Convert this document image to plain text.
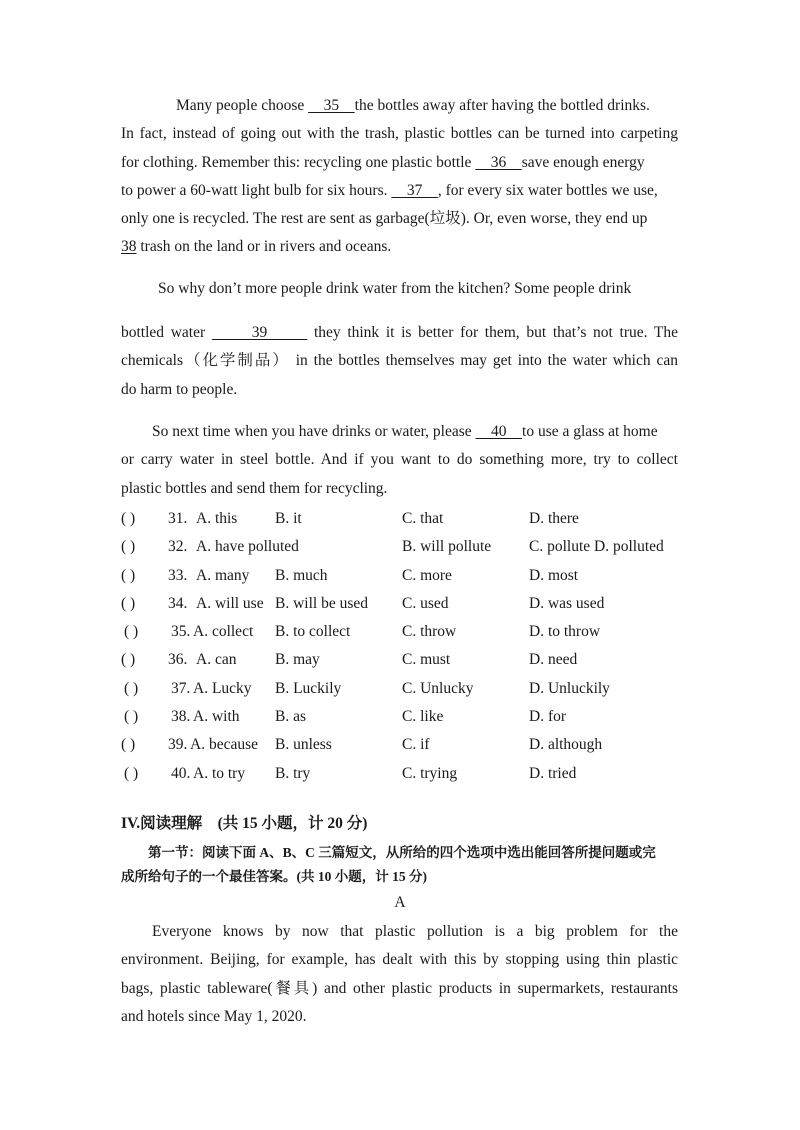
Many people choose     35    the bottles away after having the bottled drinks.
In fact, instead of going out with the trash, plastic bottles can be turned into carpeting
for clothing. Remember this: recycling one plastic bottle     36    save enough energy
to power a 60-watt light bulb for six hours.     37    , for every six water bottles we use,
only one is recycled. The rest are sent as garbage(垃圾). Or, even worse, they end up
38 trash on the land or in rivers and oceans.
So why don’t more people drink water from the kitchen? Some people drink
bottled water       39       they think it is better for them, but that’s not true. The
chemicals（化学制品） in the bottles themselves may get into the water which can
do harm to people.
So next time when you have drinks or water, please     40    to use a glass at home
or carry water in steel bottle. And if you want to do something more, try to collect
plastic bottles and send them for recycling.
( ) 31. A. this B. it	C. that	D. there
( ) 32. A. have polluted	B. will pollute C. pollute D. polluted
( ) 33. A. many B. much	C. more	D. most
( ) 34. A. will use B. will be used C. used	D. was used
( ) 35. A. collect B. to collect	C. throw	D. to throw
( ) 36. A. can B. may	C. must	D. need
( ) 37. A. Lucky B. Luckily	C. Unlucky	D. Unluckily
( ) 38. A. with B. as	C. like	D. for
( ) 39. A. because B. unless	C. if	D. although
( ) 40. A. to try B. try	C. trying	D. tried
IV.阅读理解　(共 15 小题，计 20 分)
第一节：阅读下面 A、B、C 三篇短文，从所给的四个选项中选出能回答所提问题或完
成所给句子的一个最佳答案。(共 10 小题，计 15 分)
A
Everyone knows by now that plastic pollution is a big problem for the
environment. Beijing, for example, has dealt with this by stopping using thin plastic
bags, plastic tableware(餐具) and other plastic products in supermarkets, restaurants
and hotels since May 1, 2020.
